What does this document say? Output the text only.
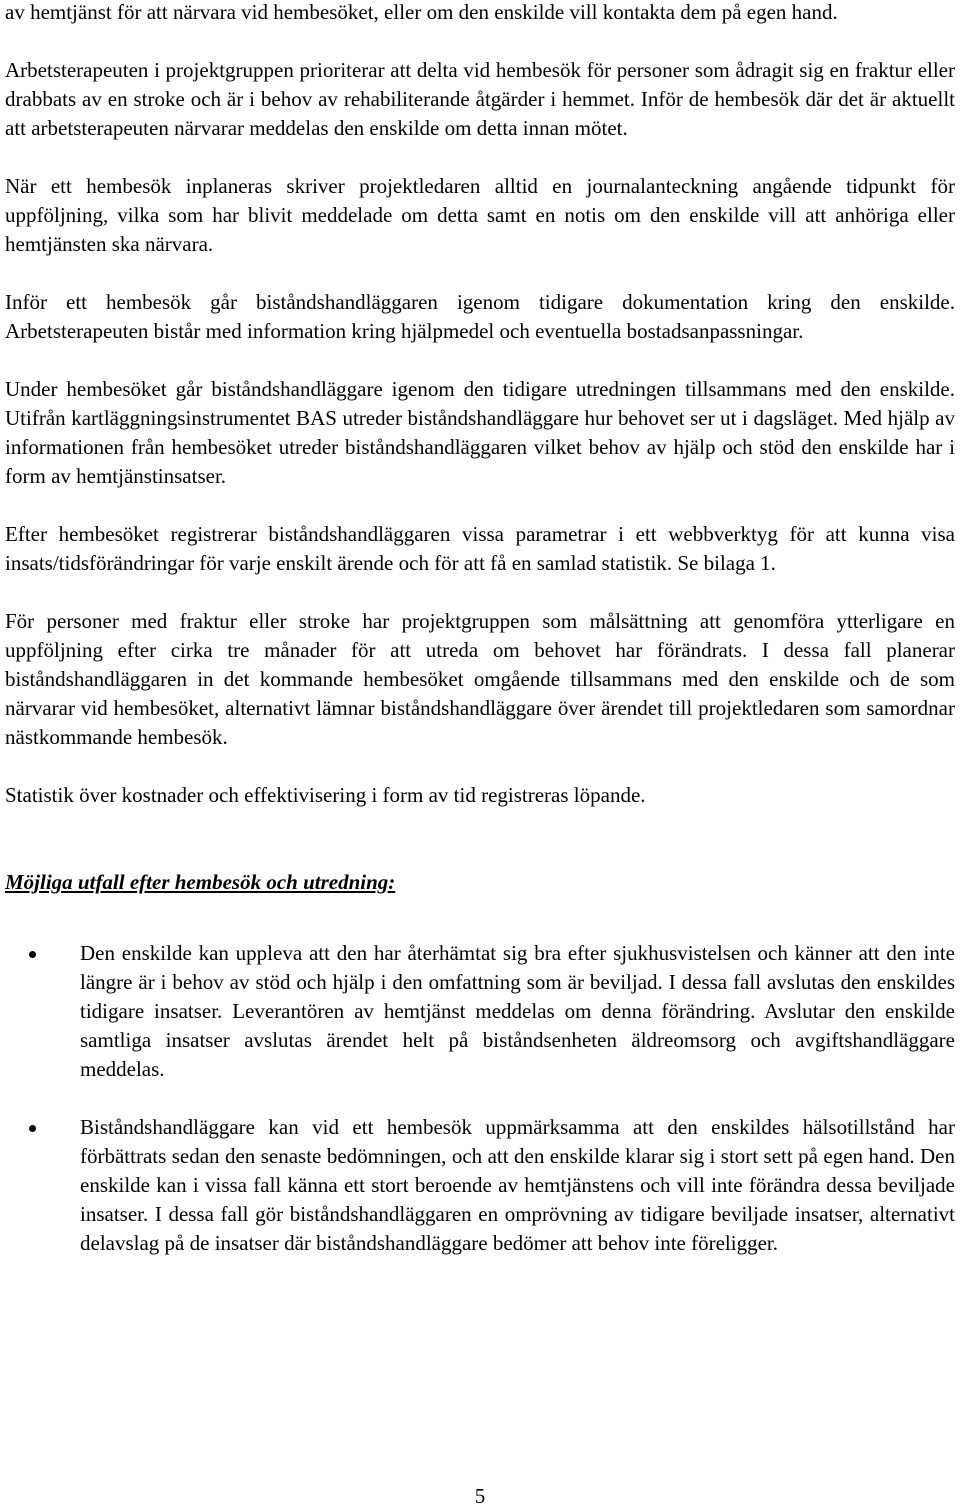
av hemtjänst för att närvara vid hembesöket, eller om den enskilde vill kontakta dem på egen hand.

Arbetsterapeuten i projektgruppen prioriterar att delta vid hembesök för personer som ådragit sig en fraktur eller drabbats av en stroke och är i behov av rehabiliterande åtgärder i hemmet. Inför de hembesök där det är aktuellt att arbetsterapeuten närvarar meddelas den enskilde om detta innan mötet.

När ett hembesök inplaneras skriver projektledaren alltid en journalanteckning angående tidpunkt för uppföljning, vilka som har blivit meddelade om detta samt en notis om den enskilde vill att anhöriga eller hemtjänsten ska närvara.

Inför ett hembesök går biståndshandläggaren igenom tidigare dokumentation kring den enskilde. Arbetsterapeuten bistår med information kring hjälpmedel och eventuella bostadsanpassningar.

Under hembesöket går biståndshandläggare igenom den tidigare utredningen tillsammans med den enskilde. Utifrån kartläggningsinstrumentet BAS utreder biståndshandläggare hur behovet ser ut i dagsläget. Med hjälp av informationen från hembesöket utreder biståndshandläggaren vilket behov av hjälp och stöd den enskilde har i form av hemtjänstinsatser.

Efter hembesöket registrerar biståndshandläggaren vissa parametrar i ett webbverktyg för att kunna visa insats/tidsförändringar för varje enskilt ärende och för att få en samlad statistik. Se bilaga 1.

För personer med fraktur eller stroke har projektgruppen som målsättning att genomföra ytterligare en uppföljning efter cirka tre månader för att utreda om behovet har förändrats. I dessa fall planerar biståndshandläggaren in det kommande hembesöket omgående tillsammans med den enskilde och de som närvarar vid hembesöket, alternativt lämnar biståndshandläggare över ärendet till projektledaren som samordnar nästkommande hembesök.

Statistik över kostnader och effektivisering i form av tid registreras löpande.

Möjliga utfall efter hembesök och utredning:

Den enskilde kan uppleva att den har återhämtat sig bra efter sjukhusvistelsen och känner att den inte längre är i behov av stöd och hjälp i den omfattning som är beviljad. I dessa fall avslutas den enskildes tidigare insatser. Leverantören av hemtjänst meddelas om denna förändring. Avslutar den enskilde samtliga insatser avslutas ärendet helt på biståndsenheten äldreomsorg och avgiftshandläggare meddelas.
Biståndshandläggare kan vid ett hembesök uppmärksamma att den enskildes hälsotillstånd har förbättrats sedan den senaste bedömningen, och att den enskilde klarar sig i stort sett på egen hand. Den enskilde kan i vissa fall känna ett stort beroende av hemtjänstens och vill inte förändra dessa beviljade insatser. I dessa fall gör biståndshandläggaren en omprövning av tidigare beviljade insatser, alternativt delavslag på de insatser där biståndshandläggare bedömer att behov inte föreligger.
5
